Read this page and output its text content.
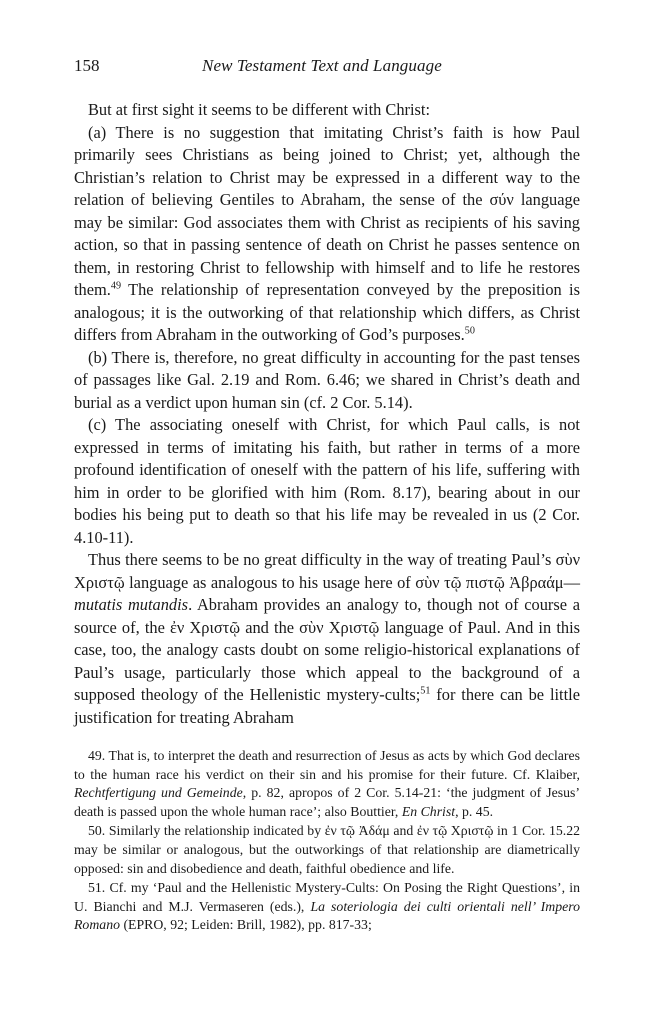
158	New Testament Text and Language

But at first sight it seems to be different with Christ:

(a) There is no suggestion that imitating Christ’s faith is how Paul primarily sees Christians as being joined to Christ; yet, although the Christian’s relation to Christ may be expressed in a different way to the relation of believing Gentiles to Abraham, the sense of the σύν language may be similar: God associates them with Christ as recipients of his saving action, so that in passing sentence of death on Christ he passes sentence on them, in restoring Christ to fellowship with himself and to life he restores them.$^{49}$ The relationship of representation conveyed by the preposition is analogous; it is the outworking of that relationship which differs, as Christ differs from Abraham in the outworking of God’s purposes.$^{50}$

(b) There is, therefore, no great difficulty in accounting for the past tenses of passages like Gal. 2.19 and Rom. 6.46; we shared in Christ’s death and burial as a verdict upon human sin (cf. 2 Cor. 5.14).

(c) The associating oneself with Christ, for which Paul calls, is not expressed in terms of imitating his faith, but rather in terms of a more profound identification of oneself with the pattern of his life, suffering with him in order to be glorified with him (Rom. 8.17), bearing about in our bodies his being put to death so that his life may be revealed in us (2 Cor. 4.10-11).

Thus there seems to be no great difficulty in the way of treating Paul’s σὺν Χριστῷ language as analogous to his usage here of σὺν τῷ πιστῷ Ἀβραάμ—mutatis mutandis. Abraham provides an analogy to, though not of course a source of, the ἐν Χριστῷ and the σὺν Χριστῷ language of Paul. And in this case, too, the analogy casts doubt on some religio-historical explanations of Paul’s usage, particularly those which appeal to the background of a supposed theology of the Hellenistic mystery-cults;$^{51}$ for there can be little justification for treating Abraham

49. That is, to interpret the death and resurrection of Jesus as acts by which God declares to the human race his verdict on their sin and his promise for their future. Cf. Klaiber, Rechtfertigung und Gemeinde, p. 82, apropos of 2 Cor. 5.14-21: ‘the judgment of Jesus’ death is passed upon the whole human race’; also Bouttier, En Christ, p. 45.

50. Similarly the relationship indicated by ἐν τῷ Ἀδάμ and ἐν τῷ Χριστῷ in 1 Cor. 15.22 may be similar or analogous, but the outworkings of that relationship are diametrically opposed: sin and disobedience and death, faithful obedience and life.

51. Cf. my ‘Paul and the Hellenistic Mystery-Cults: On Posing the Right Questions’, in U. Bianchi and M.J. Vermaseren (eds.), La soteriologia dei culti orientali nell’ Impero Romano (EPRO, 92; Leiden: Brill, 1982), pp. 817-33;
